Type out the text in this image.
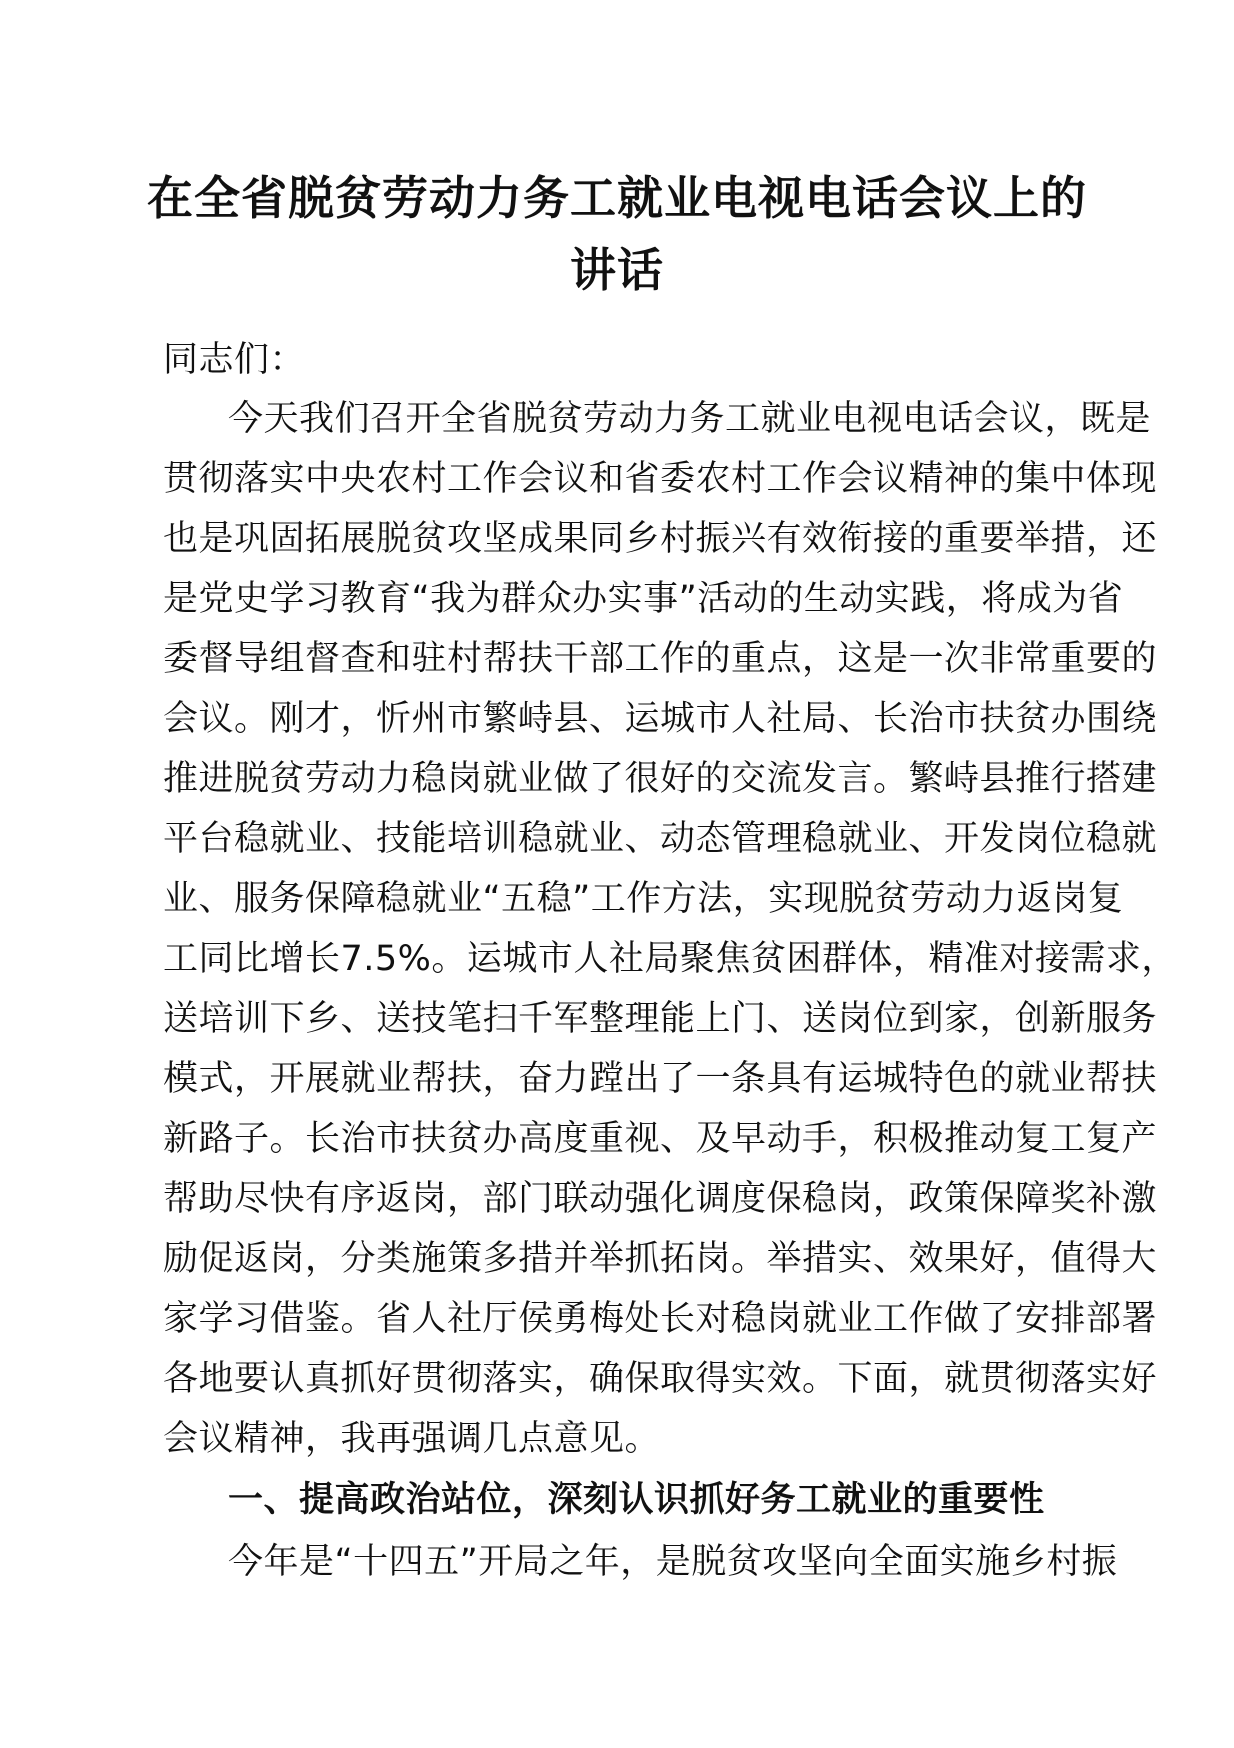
在全省脱贫劳动力务工就业电视电话会议上的
讲话
同志们：
今天我们召开全省脱贫劳动力务工就业电视电话会议，既是
贯彻落实中央农村工作会议和省委农村工作会议精神的集中体现
也是巩固拓展脱贫攻坚成果同乡村振兴有效衔接的重要举措，还
是党史学习教育“我为群众办实事”活动的生动实践，将成为省
委督导组督查和驻村帮扶干部工作的重点，这是一次非常重要的
会议。刚才，忻州市繁峙县、运城市人社局、长治市扶贫办围绕
推进脱贫劳动力稳岗就业做了很好的交流发言。繁峙县推行搭建
平台稳就业、技能培训稳就业、动态管理稳就业、开发岗位稳就
业、服务保障稳就业“五稳”工作方法，实现脱贫劳动力返岗复
工同比增长7.5%。运城市人社局聚焦贫困群体，精准对接需求，
送培训下乡、送技笔扫千军整理能上门、送岗位到家，创新服务
模式，开展就业帮扶，奋力蹚出了一条具有运城特色的就业帮扶
新路子。长治市扶贫办高度重视、及早动手，积极推动复工复产
帮助尽快有序返岗，部门联动强化调度保稳岗，政策保障奖补激
励促返岗，分类施策多措并举抓拓岗。举措实、效果好，值得大
家学习借鉴。省人社厅侯勇梅处长对稳岗就业工作做了安排部署
各地要认真抓好贯彻落实，确保取得实效。下面，就贯彻落实好
会议精神，我再强调几点意见。
一、提高政治站位，深刻认识抓好务工就业的重要性
今年是“十四五”开局之年，是脱贫攻坚向全面实施乡村振
